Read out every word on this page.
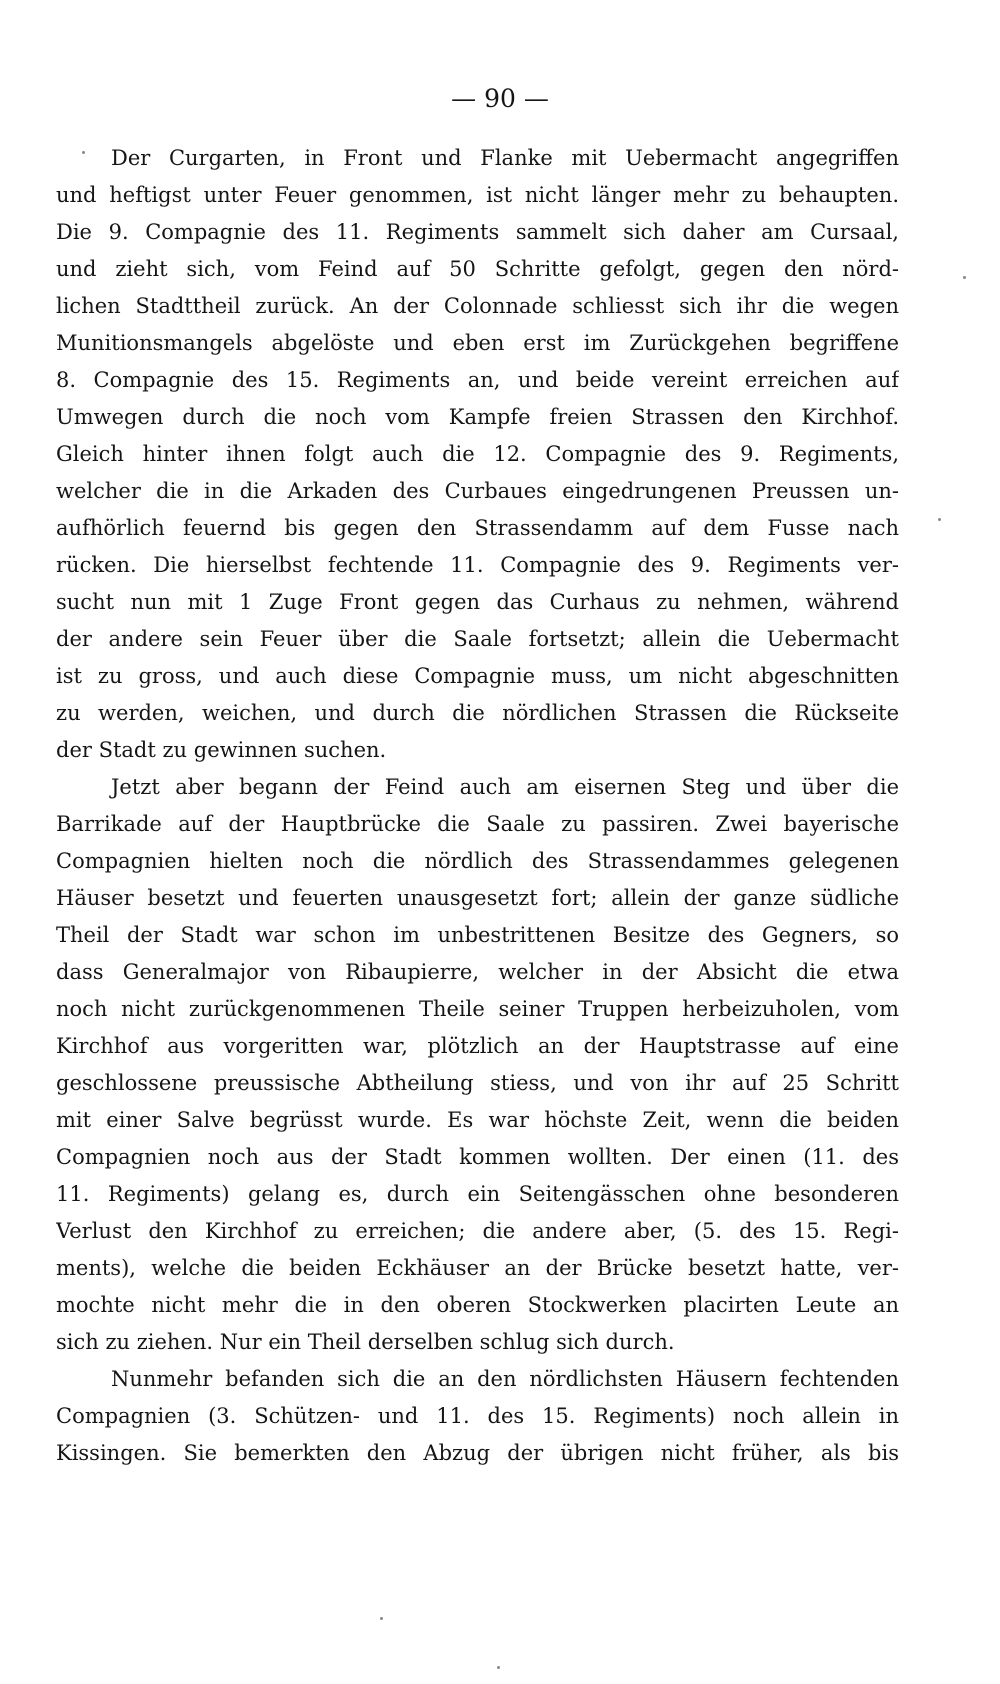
— 90 —
Der Curgarten, in Front und Flanke mit Uebermacht angegriffen
und heftigst unter Feuer genommen, ist nicht länger mehr zu behaupten.
Die 9. Compagnie des 11. Regiments sammelt sich daher am Cursaal,
und zieht sich, vom Feind auf 50 Schritte gefolgt, gegen den nörd-
lichen Stadttheil zurück. An der Colonnade schliesst sich ihr die wegen
Munitionsmangels abgelöste und eben erst im Zurückgehen begriffene
8. Compagnie des 15. Regiments an, und beide vereint erreichen auf
Umwegen durch die noch vom Kampfe freien Strassen den Kirchhof.
Gleich hinter ihnen folgt auch die 12. Compagnie des 9. Regiments,
welcher die in die Arkaden des Curbaues eingedrungenen Preussen un-
aufhörlich feuernd bis gegen den Strassendamm auf dem Fusse nach
rücken. Die hierselbst fechtende 11. Compagnie des 9. Regiments ver-
sucht nun mit 1 Zuge Front gegen das Curhaus zu nehmen, während
der andere sein Feuer über die Saale fortsetzt; allein die Uebermacht
ist zu gross, und auch diese Compagnie muss, um nicht abgeschnitten
zu werden, weichen, und durch die nördlichen Strassen die Rückseite
der Stadt zu gewinnen suchen.
Jetzt aber begann der Feind auch am eisernen Steg und über die
Barrikade auf der Hauptbrücke die Saale zu passiren. Zwei bayerische
Compagnien hielten noch die nördlich des Strassendammes gelegenen
Häuser besetzt und feuerten unausgesetzt fort; allein der ganze südliche
Theil der Stadt war schon im unbestrittenen Besitze des Gegners, so
dass Generalmajor von Ribaupierre, welcher in der Absicht die etwa
noch nicht zurückgenommenen Theile seiner Truppen herbeizuholen, vom
Kirchhof aus vorgeritten war, plötzlich an der Hauptstrasse auf eine
geschlossene preussische Abtheilung stiess, und von ihr auf 25 Schritt
mit einer Salve begrüsst wurde. Es war höchste Zeit, wenn die beiden
Compagnien noch aus der Stadt kommen wollten. Der einen (11. des
11. Regiments) gelang es, durch ein Seitengässchen ohne besonderen
Verlust den Kirchhof zu erreichen; die andere aber, (5. des 15. Regi-
ments), welche die beiden Eckhäuser an der Brücke besetzt hatte, ver-
mochte nicht mehr die in den oberen Stockwerken placirten Leute an
sich zu ziehen. Nur ein Theil derselben schlug sich durch.
Nunmehr befanden sich die an den nördlichsten Häusern fechtenden
Compagnien (3. Schützen- und 11. des 15. Regiments) noch allein in
Kissingen. Sie bemerkten den Abzug der übrigen nicht früher, als bis
